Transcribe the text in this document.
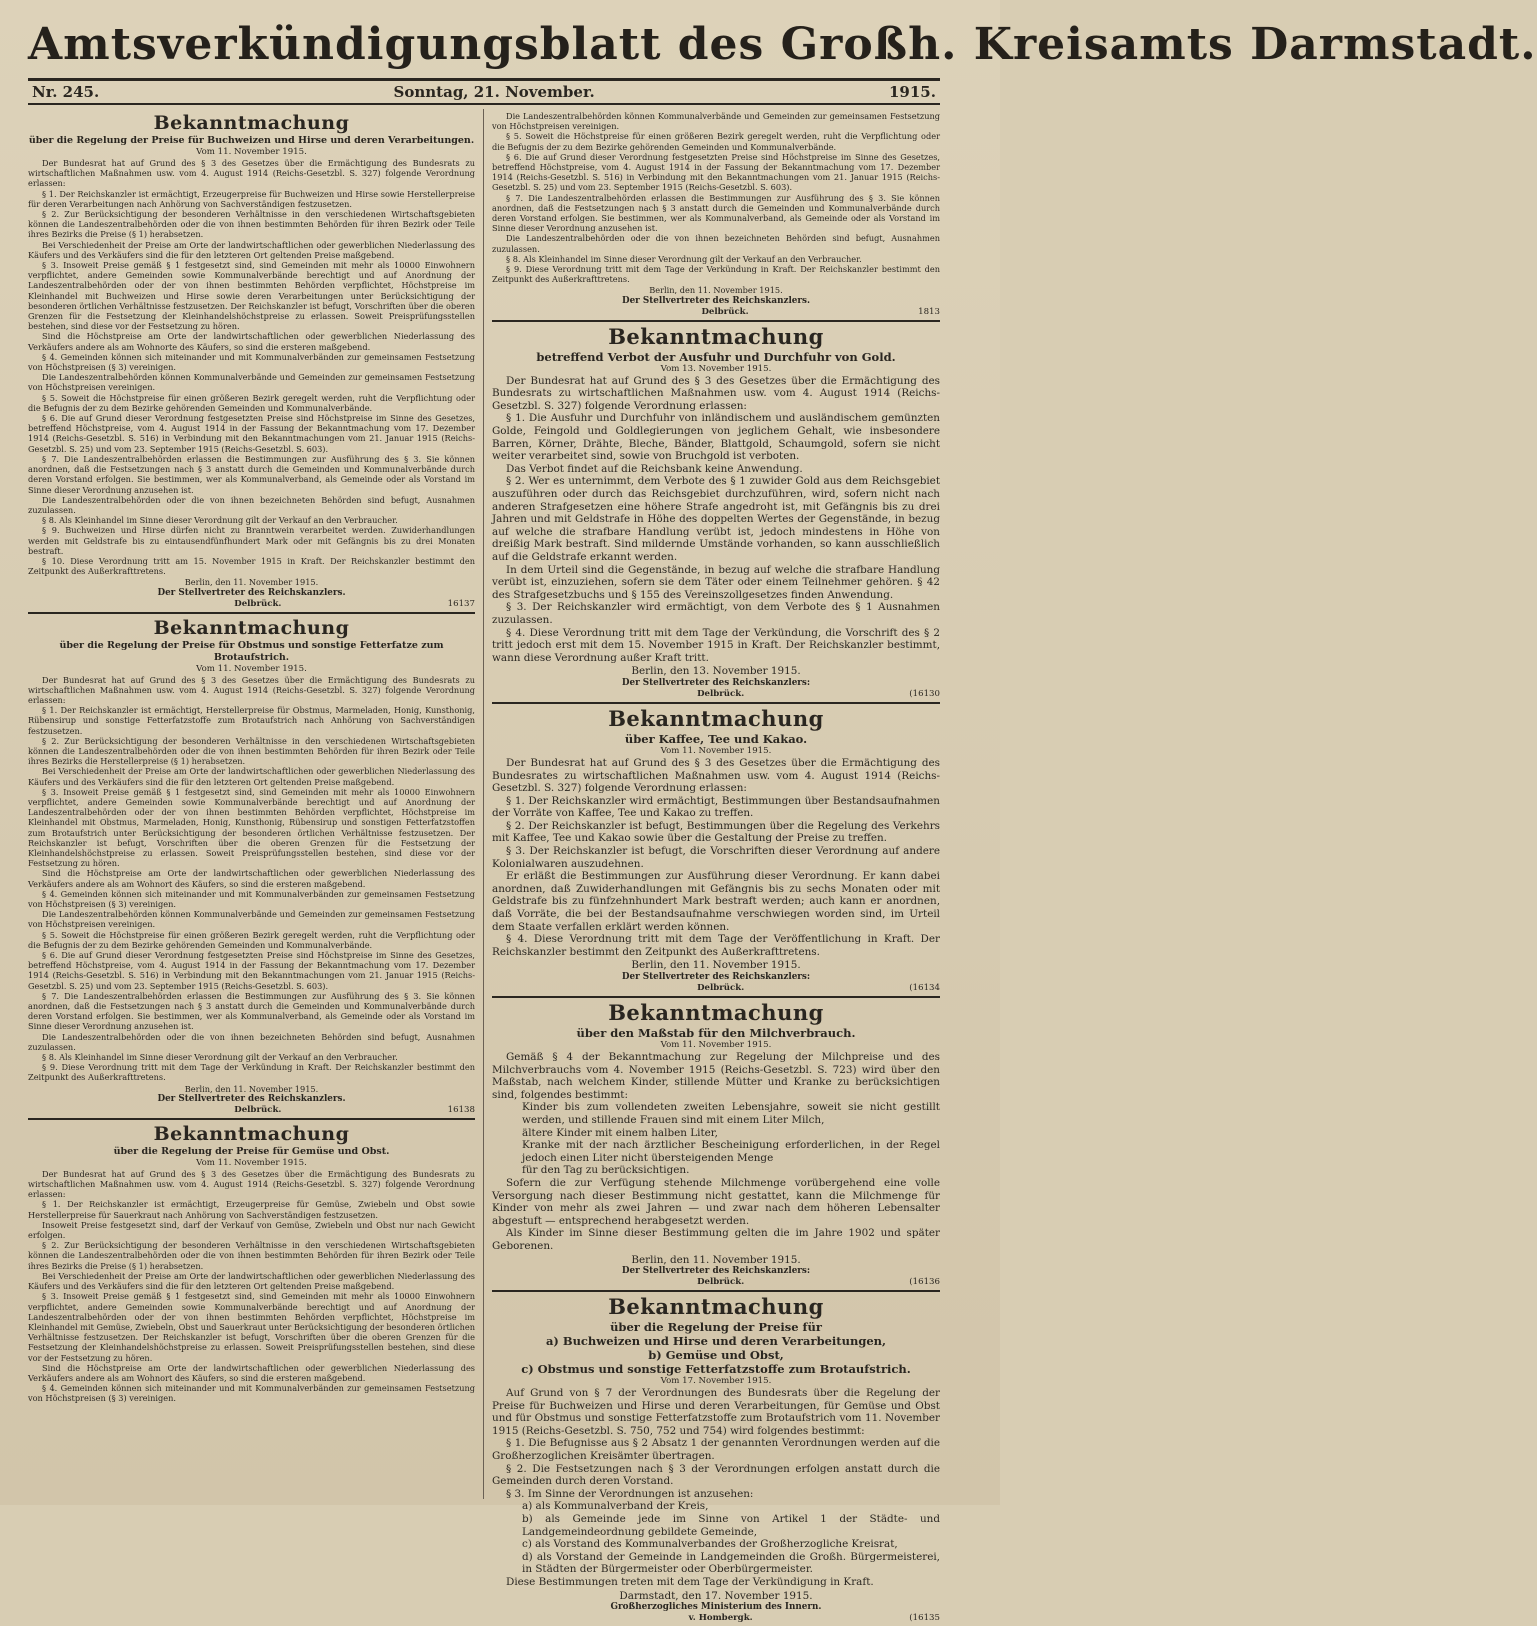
Amtsverkündigungsblatt des Großh. Kreisamts Darmstadt.
Nr. 245.	Sonntag, 21. November.	1915.
Bekanntmachung
über die Regelung der Preise für Buchweizen und Hirse und deren Verarbeitungen.
Vom 11. November 1915.

Der Bundesrat hat auf Grund des § 3 des Gesetzes über die Ermächtigung des Bundesrats zu wirtschaftlichen Maßnahmen usw. vom 4. August 1914 (Reichs-Gesetzbl. S. 327) folgende Verordnung erlassen:

§ 1. Der Reichskanzler ist ermächtigt, Erzeugerpreise für Buchweizen und Hirse sowie Herstellerpreise für deren Verarbeitungen nach Anhörung von Sachverständigen festzusetzen.

§ 2. Zur Berücksichtigung der besonderen Verhältnisse in den verschiedenen Wirtschaftsgebieten können die Landeszentralbehörden oder die von ihnen bestimmten Behörden für ihren Bezirk oder Teile ihres Bezirks die Preise (§ 1) herabsetzen.

Bei Verschiedenheit der Preise am Orte der landwirtschaftlichen oder gewerblichen Niederlassung des Käufers und des Verkäufers sind die für den letzteren Ort geltenden Preise maßgebend.

§ 3. Insoweit Preise gemäß § 1 festgesetzt sind, sind Gemeinden mit mehr als 10000 Einwohnern verpflichtet, andere Gemeinden sowie Kommunalverbände berechtigt und auf Anordnung der Landeszentralbehörden oder der von ihnen bestimmten Behörden verpflichtet, Höchstpreise im Kleinhandel mit Buchweizen und Hirse sowie deren Verarbeitungen unter Berücksichtigung der besonderen örtlichen Verhältnisse festzusetzen. Der Reichskanzler ist befugt, Vorschriften über die oberen Grenzen für die Festsetzung der Kleinhandelshöchstpreise zu erlassen. Soweit Preisprüfungsstellen bestehen, sind diese vor der Festsetzung zu hören.

Sind die Höchstpreise am Orte der landwirtschaftlichen oder gewerblichen Niederlassung des Verkäufers andere als am Wohnorte des Käufers, so sind die ersteren maßgebend.

§ 4. Gemeinden können sich miteinander und mit Kommunalverbänden zur gemeinsamen Festsetzung von Höchstpreisen (§ 3) vereinigen.

Die Landeszentralbehörden können Kommunalverbände und Gemeinden zur gemeinsamen Festsetzung von Höchstpreisen vereinigen.

§ 5. Soweit die Höchstpreise für einen größeren Bezirk geregelt werden, ruht die Verpflichtung oder die Befugnis der zu dem Bezirke gehörenden Gemeinden und Kommunalverbände.

§ 6. Die auf Grund dieser Verordnung festgesetzten Preise sind Höchstpreise im Sinne des Gesetzes, betreffend Höchstpreise, vom 4. August 1914 in der Fassung der Bekanntmachung vom 17. Dezember 1914 (Reichs-Gesetzbl. S. 516) in Verbindung mit den Bekanntmachungen vom 21. Januar 1915 (Reichs-Gesetzbl. S. 25) und vom 23. September 1915 (Reichs-Gesetzbl. S. 603).

§ 7. Die Landeszentralbehörden erlassen die Bestimmungen zur Ausführung des § 3. Sie können anordnen, daß die Festsetzungen nach § 3 anstatt durch die Gemeinden und Kommunalverbände durch deren Vorstand erfolgen. Sie bestimmen, wer als Kommunalverband, als Gemeinde oder als Vorstand im Sinne dieser Verordnung anzusehen ist.

Die Landeszentralbehörden oder die von ihnen bezeichneten Behörden sind befugt, Ausnahmen zuzulassen.

§ 8. Als Kleinhandel im Sinne dieser Verordnung gilt der Verkauf an den Verbraucher.

§ 9. Buchweizen und Hirse dürfen nicht zu Branntwein verarbeitet werden. Zuwiderhandlungen werden mit Geldstrafe bis zu eintausendfünfhundert Mark oder mit Gefängnis bis zu drei Monaten bestraft.

§ 10. Diese Verordnung tritt am 15. November 1915 in Kraft. Der Reichskanzler bestimmt den Zeitpunkt des Außerkrafttretens.

Berlin, den 11. November 1915.

Der Stellvertreter des Reichskanzlers.
Delbrück.	16137
Bekanntmachung
über die Regelung der Preise für Obstmus und sonstige Fetterfatze zum Brotaufstrich.
Vom 11. November 1915.

Der Bundesrat hat auf Grund des § 3 des Gesetzes über die Ermächtigung des Bundesrats zu wirtschaftlichen Maßnahmen usw. vom 4. August 1914 (Reichs-Gesetzbl. S. 327) folgende Verordnung erlassen:

§ 1. Der Reichskanzler ist ermächtigt, Herstellerpreise für Obstmus, Marmeladen, Honig, Kunsthonig, Rübensirup und sonstige Fetterfatzstoffe zum Brotaufstrich nach Anhörung von Sachverständigen festzusetzen.

§ 2. Zur Berücksichtigung der besonderen Verhältnisse in den verschiedenen Wirtschaftsgebieten können die Landeszentralbehörden oder die von ihnen bestimmten Behörden für ihren Bezirk oder Teile ihres Bezirks die Herstellerpreise (§ 1) herabsetzen.

Bei Verschiedenheit der Preise am Orte der landwirtschaftlichen oder gewerblichen Niederlassung des Käufers und des Verkäufers sind die für den letzteren Ort geltenden Preise maßgebend.

§ 3. Insoweit Preise gemäß § 1 festgesetzt sind, sind Gemeinden mit mehr als 10000 Einwohnern verpflichtet, andere Gemeinden sowie Kommunalverbände berechtigt und auf Anordnung der Landeszentralbehörden oder der von ihnen bestimmten Behörden verpflichtet, Höchstpreise im Kleinhandel mit Obstmus, Marmeladen, Honig, Kunsthonig, Rübensirup und sonstigen Fetterfatzstoffen zum Brotaufstrich unter Berücksichtigung der besonderen örtlichen Verhältnisse festzusetzen. Der Reichskanzler ist befugt, Vorschriften über die oberen Grenzen für die Festsetzung der Kleinhandelshöchstpreise zu erlassen. Soweit Preisprüfungsstellen bestehen, sind diese vor der Festsetzung zu hören.

Sind die Höchstpreise am Orte der landwirtschaftlichen oder gewerblichen Niederlassung des Verkäufers andere als am Wohnort des Käufers, so sind die ersteren maßgebend.

§ 4. Gemeinden können sich miteinander und mit Kommunalverbänden zur gemeinsamen Festsetzung von Höchstpreisen (§ 3) vereinigen.

Die Landeszentralbehörden können Kommunalverbände und Gemeinden zur gemeinsamen Festsetzung von Höchstpreisen vereinigen.

§ 5. Soweit die Höchstpreise für einen größeren Bezirk geregelt werden, ruht die Verpflichtung oder die Befugnis der zu dem Bezirke gehörenden Gemeinden und Kommunalverbände.

§ 6. Die auf Grund dieser Verordnung festgesetzten Preise sind Höchstpreise im Sinne des Gesetzes, betreffend Höchstpreise, vom 4. August 1914 in der Fassung der Bekanntmachung vom 17. Dezember 1914 (Reichs-Gesetzbl. S. 516) in Verbindung mit den Bekanntmachungen vom 21. Januar 1915 (Reichs-Gesetzbl. S. 25) und vom 23. September 1915 (Reichs-Gesetzbl. S. 603).

§ 7. Die Landeszentralbehörden erlassen die Bestimmungen zur Ausführung des § 3. Sie können anordnen, daß die Festsetzungen nach § 3 anstatt durch die Gemeinden und Kommunalverbände durch deren Vorstand erfolgen. Sie bestimmen, wer als Kommunalverband, als Gemeinde oder als Vorstand im Sinne dieser Verordnung anzusehen ist.

Die Landeszentralbehörden oder die von ihnen bezeichneten Behörden sind befugt, Ausnahmen zuzulassen.

§ 8. Als Kleinhandel im Sinne dieser Verordnung gilt der Verkauf an den Verbraucher.

§ 9. Diese Verordnung tritt mit dem Tage der Verkündung in Kraft. Der Reichskanzler bestimmt den Zeitpunkt des Außerkrafttretens.

Berlin, den 11. November 1915.

Der Stellvertreter des Reichskanzlers.
Delbrück.	16138
Bekanntmachung
über die Regelung der Preise für Gemüse und Obst.
Vom 11. November 1915.

Der Bundesrat hat auf Grund des § 3 des Gesetzes über die Ermächtigung des Bundesrats zu wirtschaftlichen Maßnahmen usw. vom 4. August 1914 (Reichs-Gesetzbl. S. 327) folgende Verordnung erlassen:

§ 1. Der Reichskanzler ist ermächtigt, Erzeugerpreise für Gemüse, Zwiebeln und Obst sowie Herstellerpreise für Sauerkraut nach Anhörung von Sachverständigen festzusetzen.

Insoweit Preise festgesetzt sind, darf der Verkauf von Gemüse, Zwiebeln und Obst nur nach Gewicht erfolgen.

§ 2. Zur Berücksichtigung der besonderen Verhältnisse in den verschiedenen Wirtschaftsgebieten können die Landeszentralbehörden oder die von ihnen bestimmten Behörden für ihren Bezirk oder Teile ihres Bezirks die Preise (§ 1) herabsetzen.

Bei Verschiedenheit der Preise am Orte der landwirtschaftlichen oder gewerblichen Niederlassung des Käufers und des Verkäufers sind die für den letzteren Ort geltenden Preise maßgebend.

§ 3. Insoweit Preise gemäß § 1 festgesetzt sind, sind Gemeinden mit mehr als 10000 Einwohnern verpflichtet, andere Gemeinden sowie Kommunalverbände berechtigt und auf Anordnung der Landeszentralbehörden oder der von ihnen bestimmten Behörden verpflichtet, Höchstpreise im Kleinhandel mit Gemüse, Zwiebeln, Obst und Sauerkraut unter Berücksichtigung der besonderen örtlichen Verhältnisse festzusetzen. Der Reichskanzler ist befugt, Vorschriften über die oberen Grenzen für die Festsetzung der Kleinhandelshöchstpreise zu erlassen. Soweit Preisprüfungsstellen bestehen, sind diese vor der Festsetzung zu hören.

Sind die Höchstpreise am Orte der landwirtschaftlichen oder gewerblichen Niederlassung des Verkäufers andere als am Wohnort des Käufers, so sind die ersteren maßgebend.

§ 4. Gemeinden können sich miteinander und mit Kommunalverbänden zur gemeinsamen Festsetzung von Höchstpreisen (§ 3) vereinigen.

Die Landeszentralbehörden können Kommunalverbände und Gemeinden zur gemeinsamen Festsetzung von Höchstpreisen vereinigen.

§ 5. Soweit die Höchstpreise für einen größeren Bezirk geregelt werden, ruht die Verpflichtung oder die Befugnis der zu dem Bezirke gehörenden Gemeinden und Kommunalverbände.

§ 6. Die auf Grund dieser Verordnung festgesetzten Preise sind Höchstpreise im Sinne des Gesetzes, betreffend Höchstpreise, vom 4. August 1914 in der Fassung der Bekanntmachung vom 17. Dezember 1914 (Reichs-Gesetzbl. S. 516) in Verbindung mit den Bekanntmachungen vom 21. Januar 1915 (Reichs-Gesetzbl. S. 25) und vom 23. September 1915 (Reichs-Gesetzbl. S. 603).

§ 7. Die Landeszentralbehörden erlassen die Bestimmungen zur Ausführung des § 3. Sie können anordnen, daß die Festsetzungen nach § 3 anstatt durch die Gemeinden und Kommunalverbände durch deren Vorstand erfolgen. Sie bestimmen, wer als Kommunalverband, als Gemeinde oder als Vorstand im Sinne dieser Verordnung anzusehen ist.

Die Landeszentralbehörden oder die von ihnen bezeichneten Behörden sind befugt, Ausnahmen zuzulassen.

§ 8. Als Kleinhandel im Sinne dieser Verordnung gilt der Verkauf an den Verbraucher.

§ 9. Diese Verordnung tritt mit dem Tage der Verkündung in Kraft. Der Reichskanzler bestimmt den Zeitpunkt des Außerkrafttretens.

Berlin, den 11. November 1915.

Der Stellvertreter des Reichskanzlers.
Delbrück.	1813
Bekanntmachung
betreffend Verbot der Ausfuhr und Durchfuhr von Gold.
Vom 13. November 1915.

Der Bundesrat hat auf Grund des § 3 des Gesetzes über die Ermächtigung des Bundesrats zu wirtschaftlichen Maßnahmen usw. vom 4. August 1914 (Reichs-Gesetzbl. S. 327) folgende Verordnung erlassen:

§ 1. Die Ausfuhr und Durchfuhr von inländischem und ausländischem gemünzten Golde, Feingold und Goldlegierungen von jeglichem Gehalt, wie insbesondere Barren, Körner, Drähte, Bleche, Bänder, Blattgold, Schaumgold, sofern sie nicht weiter verarbeitet sind, sowie von Bruchgold ist verboten.

Das Verbot findet auf die Reichsbank keine Anwendung.

§ 2. Wer es unternimmt, dem Verbote des § 1 zuwider Gold aus dem Reichsgebiet auszuführen oder durch das Reichsgebiet durchzuführen, wird, sofern nicht nach anderen Strafgesetzen eine höhere Strafe angedroht ist, mit Gefängnis bis zu drei Jahren und mit Geldstrafe in Höhe des doppelten Wertes der Gegenstände, in bezug auf welche die strafbare Handlung verübt ist, jedoch mindestens in Höhe von dreißig Mark bestraft. Sind mildernde Umstände vorhanden, so kann ausschließlich auf die Geldstrafe erkannt werden.

In dem Urteil sind die Gegenstände, in bezug auf welche die strafbare Handlung verübt ist, einzuziehen, sofern sie dem Täter oder einem Teilnehmer gehören. § 42 des Strafgesetzbuchs und § 155 des Vereinszollgesetzes finden Anwendung.

§ 3. Der Reichskanzler wird ermächtigt, von dem Verbote des § 1 Ausnahmen zuzulassen.

§ 4. Diese Verordnung tritt mit dem Tage der Verkündung, die Vorschrift des § 2 tritt jedoch erst mit dem 15. November 1915 in Kraft. Der Reichskanzler bestimmt, wann diese Verordnung außer Kraft tritt.

Berlin, den 13. November 1915.

Der Stellvertreter des Reichskanzlers:
Delbrück.	(16130
Bekanntmachung
über Kaffee, Tee und Kakao.
Vom 11. November 1915.

Der Bundesrat hat auf Grund des § 3 des Gesetzes über die Ermächtigung des Bundesrates zu wirtschaftlichen Maßnahmen usw. vom 4. August 1914 (Reichs-Gesetzbl. S. 327) folgende Verordnung erlassen:

§ 1. Der Reichskanzler wird ermächtigt, Bestimmungen über Bestandsaufnahmen der Vorräte von Kaffee, Tee und Kakao zu treffen.

§ 2. Der Reichskanzler ist befugt, Bestimmungen über die Regelung des Verkehrs mit Kaffee, Tee und Kakao sowie über die Gestaltung der Preise zu treffen.

§ 3. Der Reichskanzler ist befugt, die Vorschriften dieser Verordnung auf andere Kolonialwaren auszudehnen.

Er erläßt die Bestimmungen zur Ausführung dieser Verordnung. Er kann dabei anordnen, daß Zuwiderhandlungen mit Gefängnis bis zu sechs Monaten oder mit Geldstrafe bis zu fünfzehnhundert Mark bestraft werden; auch kann er anordnen, daß Vorräte, die bei der Bestandsaufnahme verschwiegen worden sind, im Urteil dem Staate verfallen erklärt werden können.

§ 4. Diese Verordnung tritt mit dem Tage der Veröffentlichung in Kraft. Der Reichskanzler bestimmt den Zeitpunkt des Außerkrafttretens.

Berlin, den 11. November 1915.

Der Stellvertreter des Reichskanzlers:
Delbrück.	(16134
Bekanntmachung
über den Maßstab für den Milchverbrauch.
Vom 11. November 1915.

Gemäß § 4 der Bekanntmachung zur Regelung der Milchpreise und des Milchverbrauchs vom 4. November 1915 (Reichs-Gesetzbl. S. 723) wird über den Maßstab, nach welchem Kinder, stillende Mütter und Kranke zu berücksichtigen sind, folgendes bestimmt:

Kinder bis zum vollendeten zweiten Lebensjahre, soweit sie nicht gestillt werden, und stillende Frauen sind mit einem Liter Milch,

ältere Kinder mit einem halben Liter,

Kranke mit der nach ärztlicher Bescheinigung erforderlichen, in der Regel jedoch einen Liter nicht übersteigenden Menge

für den Tag zu berücksichtigen.

Sofern die zur Verfügung stehende Milchmenge vorübergehend eine volle Versorgung nach dieser Bestimmung nicht gestattet, kann die Milchmenge für Kinder von mehr als zwei Jahren — und zwar nach dem höheren Lebensalter abgestuft — entsprechend herabgesetzt werden.

Als Kinder im Sinne dieser Bestimmung gelten die im Jahre 1902 und später Geborenen.

Berlin, den 11. November 1915.

Der Stellvertreter des Reichskanzlers:
Delbrück.	(16136
Bekanntmachung
über die Regelung der Preise für
a) Buchweizen und Hirse und deren Verarbeitungen,
b) Gemüse und Obst,
c) Obstmus und sonstige Fetterfatzstoffe zum Brotaufstrich.
Vom 17. November 1915.

Auf Grund von § 7 der Verordnungen des Bundesrats über die Regelung der Preise für Buchweizen und Hirse und deren Verarbeitungen, für Gemüse und Obst und für Obstmus und sonstige Fetterfatzstoffe zum Brotaufstrich vom 11. November 1915 (Reichs-Gesetzbl. S. 750, 752 und 754) wird folgendes bestimmt:

§ 1. Die Befugnisse aus § 2 Absatz 1 der genannten Verordnungen werden auf die Großherzoglichen Kreisämter übertragen.

§ 2. Die Festsetzungen nach § 3 der Verordnungen erfolgen anstatt durch die Gemeinden durch deren Vorstand.

§ 3. Im Sinne der Verordnungen ist anzusehen:

a) als Kommunalverband der Kreis,

b) als Gemeinde jede im Sinne von Artikel 1 der Städte- und Landgemeindeordnung gebildete Gemeinde,

c) als Vorstand des Kommunalverbandes der Großherzogliche Kreisrat,

d) als Vorstand der Gemeinde in Landgemeinden die Großh. Bürgermeisterei, in Städten der Bürgermeister oder Oberbürgermeister.

Diese Bestimmungen treten mit dem Tage der Verkündigung in Kraft.

Darmstadt, den 17. November 1915.

Großherzogliches Ministerium des Innern.
v. Hombergk.	(16135
